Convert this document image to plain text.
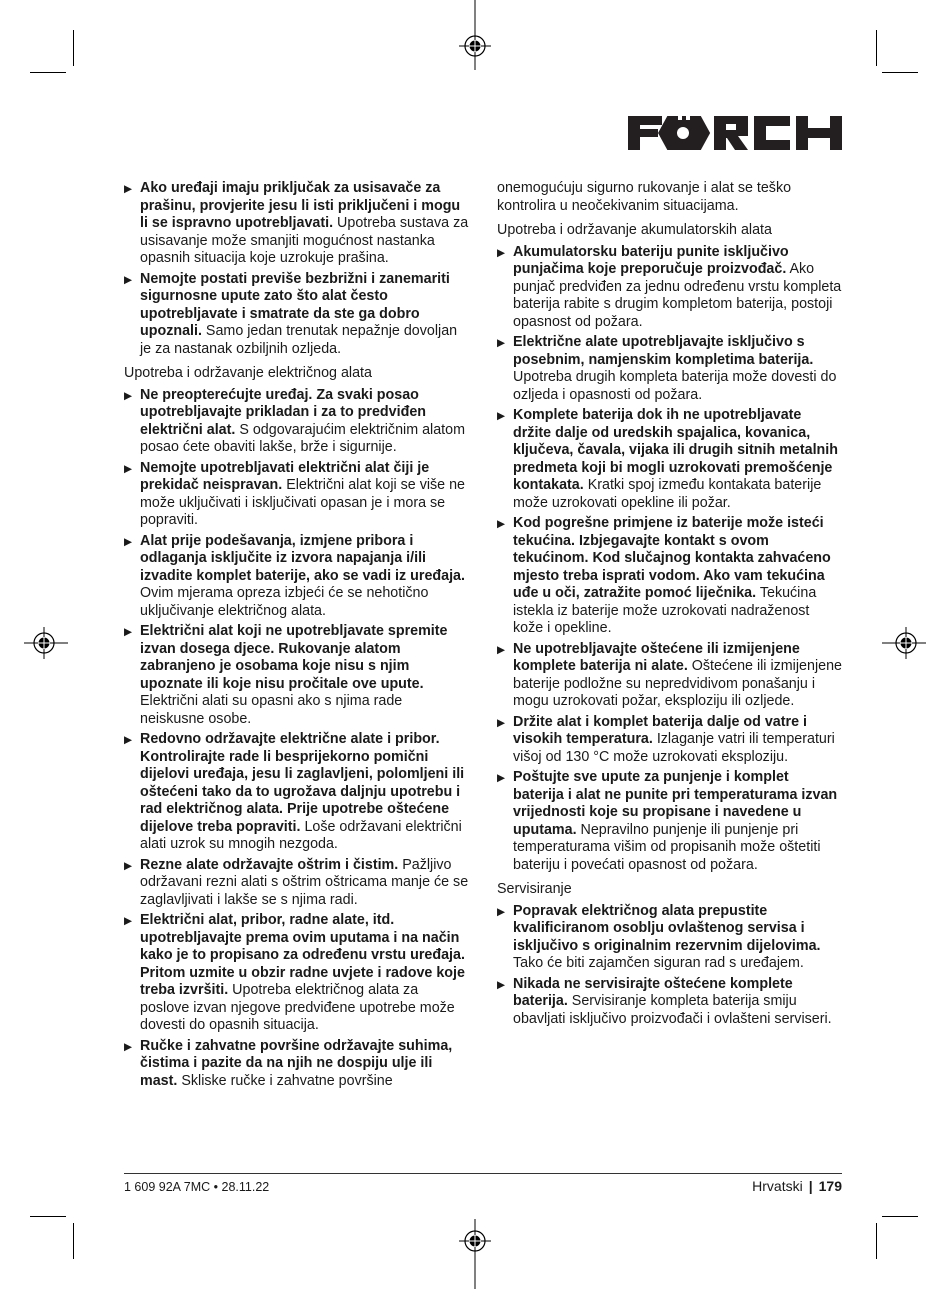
▶ Ako uređaji imaju priključak za usisavače za prašinu, provjerite jesu li isti priključeni i mogu li se ispravno upotrebljavati. Upotreba sustava za usisavanje može smanjiti mogućnost nastanka opasnih situacija koje uzrokuje prašina.
▶ Nemojte postati previše bezbrižni i zanemariti sigurnosne upute zato što alat često upotrebljavate i smatrate da ste ga dobro upoznali. Samo jedan trenutak nepažnje dovoljan je za nastanak ozbiljnih ozljeda.
Upotreba i održavanje električnog alata
▶ Ne preopterećujte uređaj. Za svaki posao upotrebljavajte prikladan i za to predviđen električni alat. S odgovarajućim električnim alatom posao ćete obaviti lakše, brže i sigurnije.
▶ Nemojte upotrebljavati električni alat čiji je prekidač neispravan. Električni alat koji se više ne može uključivati i isključivati opasan je i mora se popraviti.
▶ Alat prije podešavanja, izmjene pribora i odlaganja isključite iz izvora napajanja i/ili izvadite komplet baterije, ako se vadi iz uređaja. Ovim mjerama opreza izbjeći će se nehotično uključivanje električnog alata.
▶ Električni alat koji ne upotrebljavate spremite izvan dosega djece. Rukovanje alatom zabranjeno je osobama koje nisu s njim upoznate ili koje nisu pročitale ove upute. Električni alati su opasni ako s njima rade neiskusne osobe.
▶ Redovno održavajte električne alate i pribor. Kontrolirajte rade li besprijekorno pomični dijelovi uređaja, jesu li zaglavljeni, polomljeni ili oštećeni tako da to ugrožava daljnju upotrebu i rad električnog alata. Prije upotrebe oštećene dijelove treba popraviti. Loše održavani električni alati uzrok su mnogih nezgoda.
▶ Rezne alate održavajte oštrim i čistim. Pažljivo održavani rezni alati s oštrim oštricama manje će se zaglavljivati i lakše se s njima radi.
▶ Električni alat, pribor, radne alate, itd. upotrebljavajte prema ovim uputama i na način kako je to propisano za određenu vrstu uređaja. Pritom uzmite u obzir radne uvjete i radove koje treba izvršiti. Upotreba električnog alata za poslove izvan njegove predviđene upotrebe može dovesti do opasnih situacija.
▶ Ručke i zahvatne površine održavajte suhima, čistima i pazite da na njih ne dospiju ulje ili mast. Skliske ručke i zahvatne površine
onemogućuju sigurno rukovanje i alat se teško kontrolira u neočekivanim situacijama.
Upotreba i održavanje akumulatorskih alata
▶ Akumulatorsku bateriju punite isključivo punjačima koje preporučuje proizvođač. Ako punjač predviđen za jednu određenu vrstu kompleta baterija rabite s drugim kompletom baterija, postoji opasnost od požara.
▶ Električne alate upotrebljavajte isključivo s posebnim, namjenskim kompletima baterija. Upotreba drugih kompleta baterija može dovesti do ozljeda i opasnosti od požara.
▶ Komplete baterija dok ih ne upotrebljavate držite dalje od uredskih spajalica, kovanica, ključeva, čavala, vijaka ili drugih sitnih metalnih predmeta koji bi mogli uzrokovati premošćenje kontakata. Kratki spoj između kontakata baterije može uzrokovati opekline ili požar.
▶ Kod pogrešne primjene iz baterije može isteći tekućina. Izbjegavajte kontakt s ovom tekućinom. Kod slučajnog kontakta zahvaćeno mjesto treba isprati vodom. Ako vam tekućina uđe u oči, zatražite pomoć liječnika. Tekućina istekla iz baterije može uzrokovati nadraženost kože i opekline.
▶ Ne upotrebljavajte oštećene ili izmijenjene komplete baterija ni alate. Oštećene ili izmijenjene baterije podložne su nepredvidivom ponašanju i mogu uzrokovati požar, eksploziju ili ozljede.
▶ Držite alat i komplet baterija dalje od vatre i visokih temperatura. Izlaganje vatri ili temperaturi višoj od 130 °C može uzrokovati eksploziju.
▶ Poštujte sve upute za punjenje i komplet baterija i alat ne punite pri temperaturama izvan vrijednosti koje su propisane i navedene u uputama. Nepravilno punjenje ili punjenje pri temperaturama višim od propisanih može oštetiti bateriju i povećati opasnost od požara.
Servisiranje
▶ Popravak električnog alata prepustite kvalificiranom osoblju ovlaštenog servisa i isključivo s originalnim rezervnim dijelovima. Tako će biti zajamčen siguran rad s uređajem.
▶ Nikada ne servisirajte oštećene komplete baterija. Servisiranje kompleta baterija smiju obavljati isključivo proizvođači i ovlašteni serviseri.
1 609 92A 7MC • 28.11.22	Hrvatski | 179
